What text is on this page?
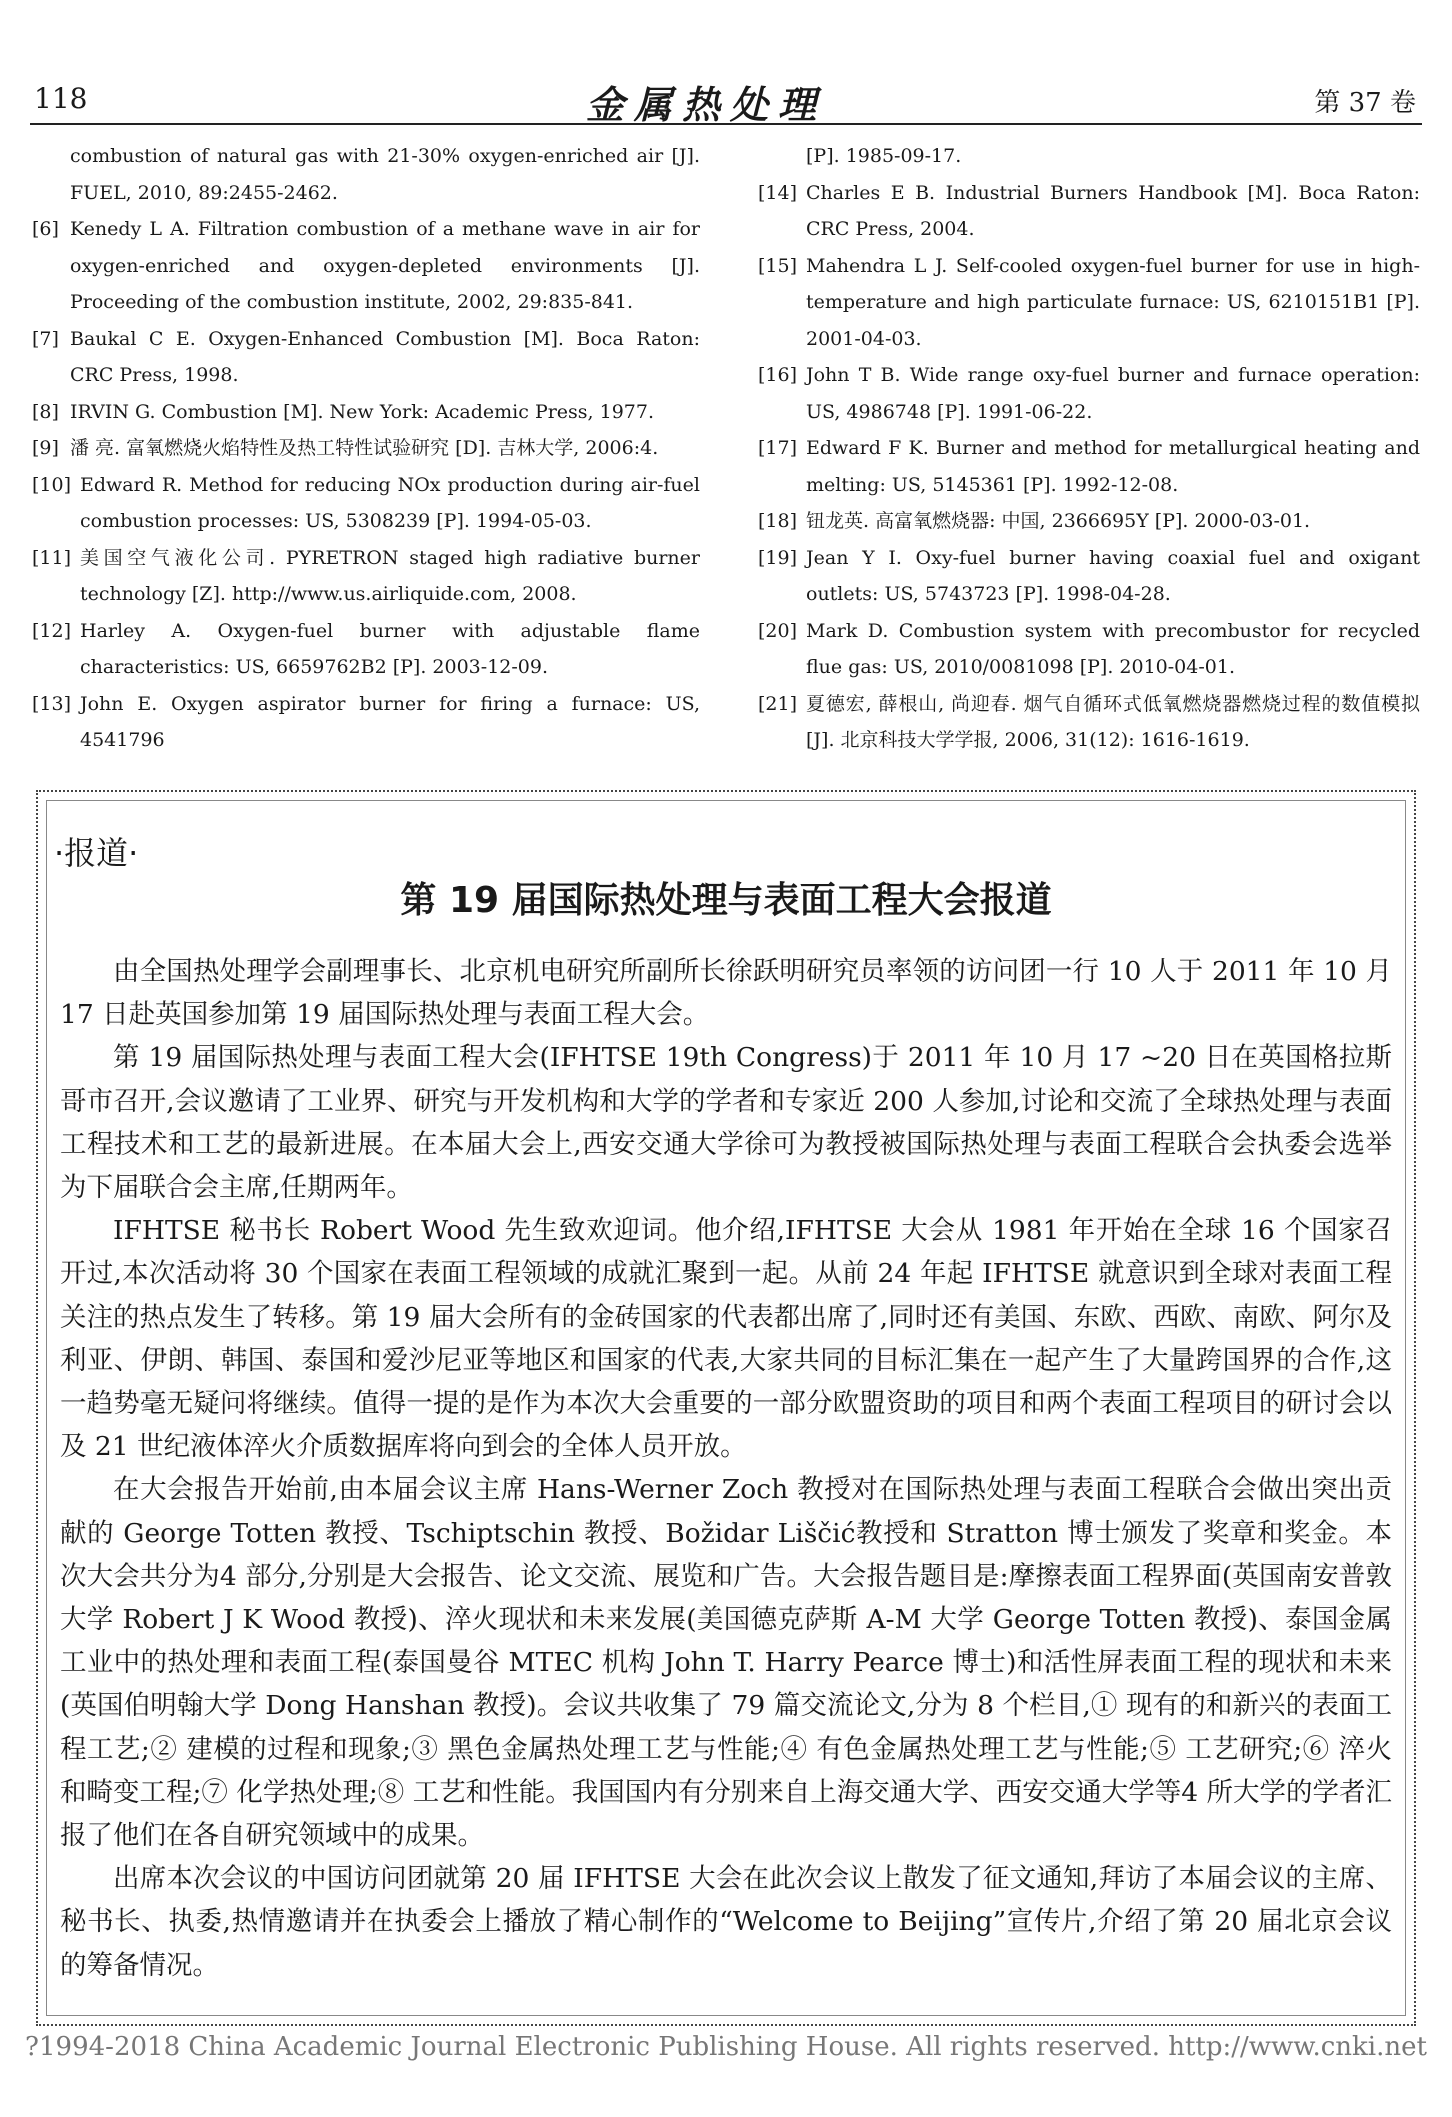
118	金属热处理	第 37 卷
combustion of natural gas with 21-30% oxygen-enriched air [J]. FUEL, 2010, 89:2455-2462.
[6] Kenedy L A. Filtration combustion of a methane wave in air for oxygen-enriched and oxygen-depleted environments [J]. Proceeding of the combustion institute, 2002, 29:835-841.
[7] Baukal C E. Oxygen-Enhanced Combustion [M]. Boca Raton: CRC Press, 1998.
[8] IRVIN G. Combustion [M]. New York: Academic Press, 1977.
[9] 潘 亮. 富氧燃烧火焰特性及热工特性试验研究 [D]. 吉林大学, 2006:4.
[10] Edward R. Method for reducing NOx production during air-fuel combustion processes: US, 5308239 [P]. 1994-05-03.
[11] 美国空气液化公司. PYRETRON staged high radiative burner technology [Z]. http://www.us.airliquide.com, 2008.
[12] Harley A. Oxygen-fuel burner with adjustable flame characteristics: US, 6659762B2 [P]. 2003-12-09.
[13] John E. Oxygen aspirator burner for firing a furnace: US, 4541796
[P]. 1985-09-17.
[14] Charles E B. Industrial Burners Handbook [M]. Boca Raton: CRC Press, 2004.
[15] Mahendra L J. Self-cooled oxygen-fuel burner for use in high-temperature and high particulate furnace: US, 6210151B1 [P]. 2001-04-03.
[16] John T B. Wide range oxy-fuel burner and furnace operation: US, 4986748 [P]. 1991-06-22.
[17] Edward F K. Burner and method for metallurgical heating and melting: US, 5145361 [P]. 1992-12-08.
[18] 钮龙英. 高富氧燃烧器: 中国, 2366695Y [P]. 2000-03-01.
[19] Jean Y I. Oxy-fuel burner having coaxial fuel and oxigant outlets: US, 5743723 [P]. 1998-04-28.
[20] Mark D. Combustion system with precombustor for recycled flue gas: US, 2010/0081098 [P]. 2010-04-01.
[21] 夏德宏, 薛根山, 尚迎春. 烟气自循环式低氧燃烧器燃烧过程的数值模拟 [J]. 北京科技大学学报, 2006, 31(12): 1616-1619.
·报道·
第 19 届国际热处理与表面工程大会报道

由全国热处理学会副理事长、北京机电研究所副所长徐跃明研究员率领的访问团一行 10 人于 2011 年 10 月 17 日赴英国参加第 19 届国际热处理与表面工程大会。

第 19 届国际热处理与表面工程大会(IFHTSE 19th Congress)于 2011 年 10 月 17 ~20 日在英国格拉斯哥市召开,会议邀请了工业界、研究与开发机构和大学的学者和专家近 200 人参加,讨论和交流了全球热处理与表面工程技术和工艺的最新进展。在本届大会上,西安交通大学徐可为教授被国际热处理与表面工程联合会执委会选举为下届联合会主席,任期两年。

IFHTSE 秘书长 Robert Wood 先生致欢迎词。他介绍,IFHTSE 大会从 1981 年开始在全球 16 个国家召开过,本次活动将 30 个国家在表面工程领域的成就汇聚到一起。从前 24 年起 IFHTSE 就意识到全球对表面工程关注的热点发生了转移。第 19 届大会所有的金砖国家的代表都出席了,同时还有美国、东欧、西欧、南欧、阿尔及利亚、伊朗、韩国、泰国和爱沙尼亚等地区和国家的代表,大家共同的目标汇集在一起产生了大量跨国界的合作,这一趋势毫无疑问将继续。值得一提的是作为本次大会重要的一部分欧盟资助的项目和两个表面工程项目的研讨会以及 21 世纪液体淬火介质数据库将向到会的全体人员开放。

在大会报告开始前,由本届会议主席 Hans-Werner Zoch 教授对在国际热处理与表面工程联合会做出突出贡献的 George Totten 教授、Tschiptschin 教授、Božidar Liščić教授和 Stratton 博士颁发了奖章和奖金。本次大会共分为4 部分,分别是大会报告、论文交流、展览和广告。大会报告题目是:摩擦表面工程界面(英国南安普敦大学 Robert J K Wood 教授)、淬火现状和未来发展(美国德克萨斯 A-M 大学 George Totten 教授)、泰国金属工业中的热处理和表面工程(泰国曼谷 MTEC 机构 John T. Harry Pearce 博士)和活性屏表面工程的现状和未来(英国伯明翰大学 Dong Hanshan 教授)。会议共收集了 79 篇交流论文,分为 8 个栏目,① 现有的和新兴的表面工程工艺;② 建模的过程和现象;③ 黑色金属热处理工艺与性能;④ 有色金属热处理工艺与性能;⑤ 工艺研究;⑥ 淬火和畸变工程;⑦ 化学热处理;⑧ 工艺和性能。我国国内有分别来自上海交通大学、西安交通大学等4 所大学的学者汇报了他们在各自研究领域中的成果。

出席本次会议的中国访问团就第 20 届 IFHTSE 大会在此次会议上散发了征文通知,拜访了本届会议的主席、秘书长、执委,热情邀请并在执委会上播放了精心制作的“Welcome to Beijing”宣传片,介绍了第 20 届北京会议的筹备情况。

?1994-2018 China Academic Journal Electronic Publishing House. All rights reserved. http://www.cnki.net
